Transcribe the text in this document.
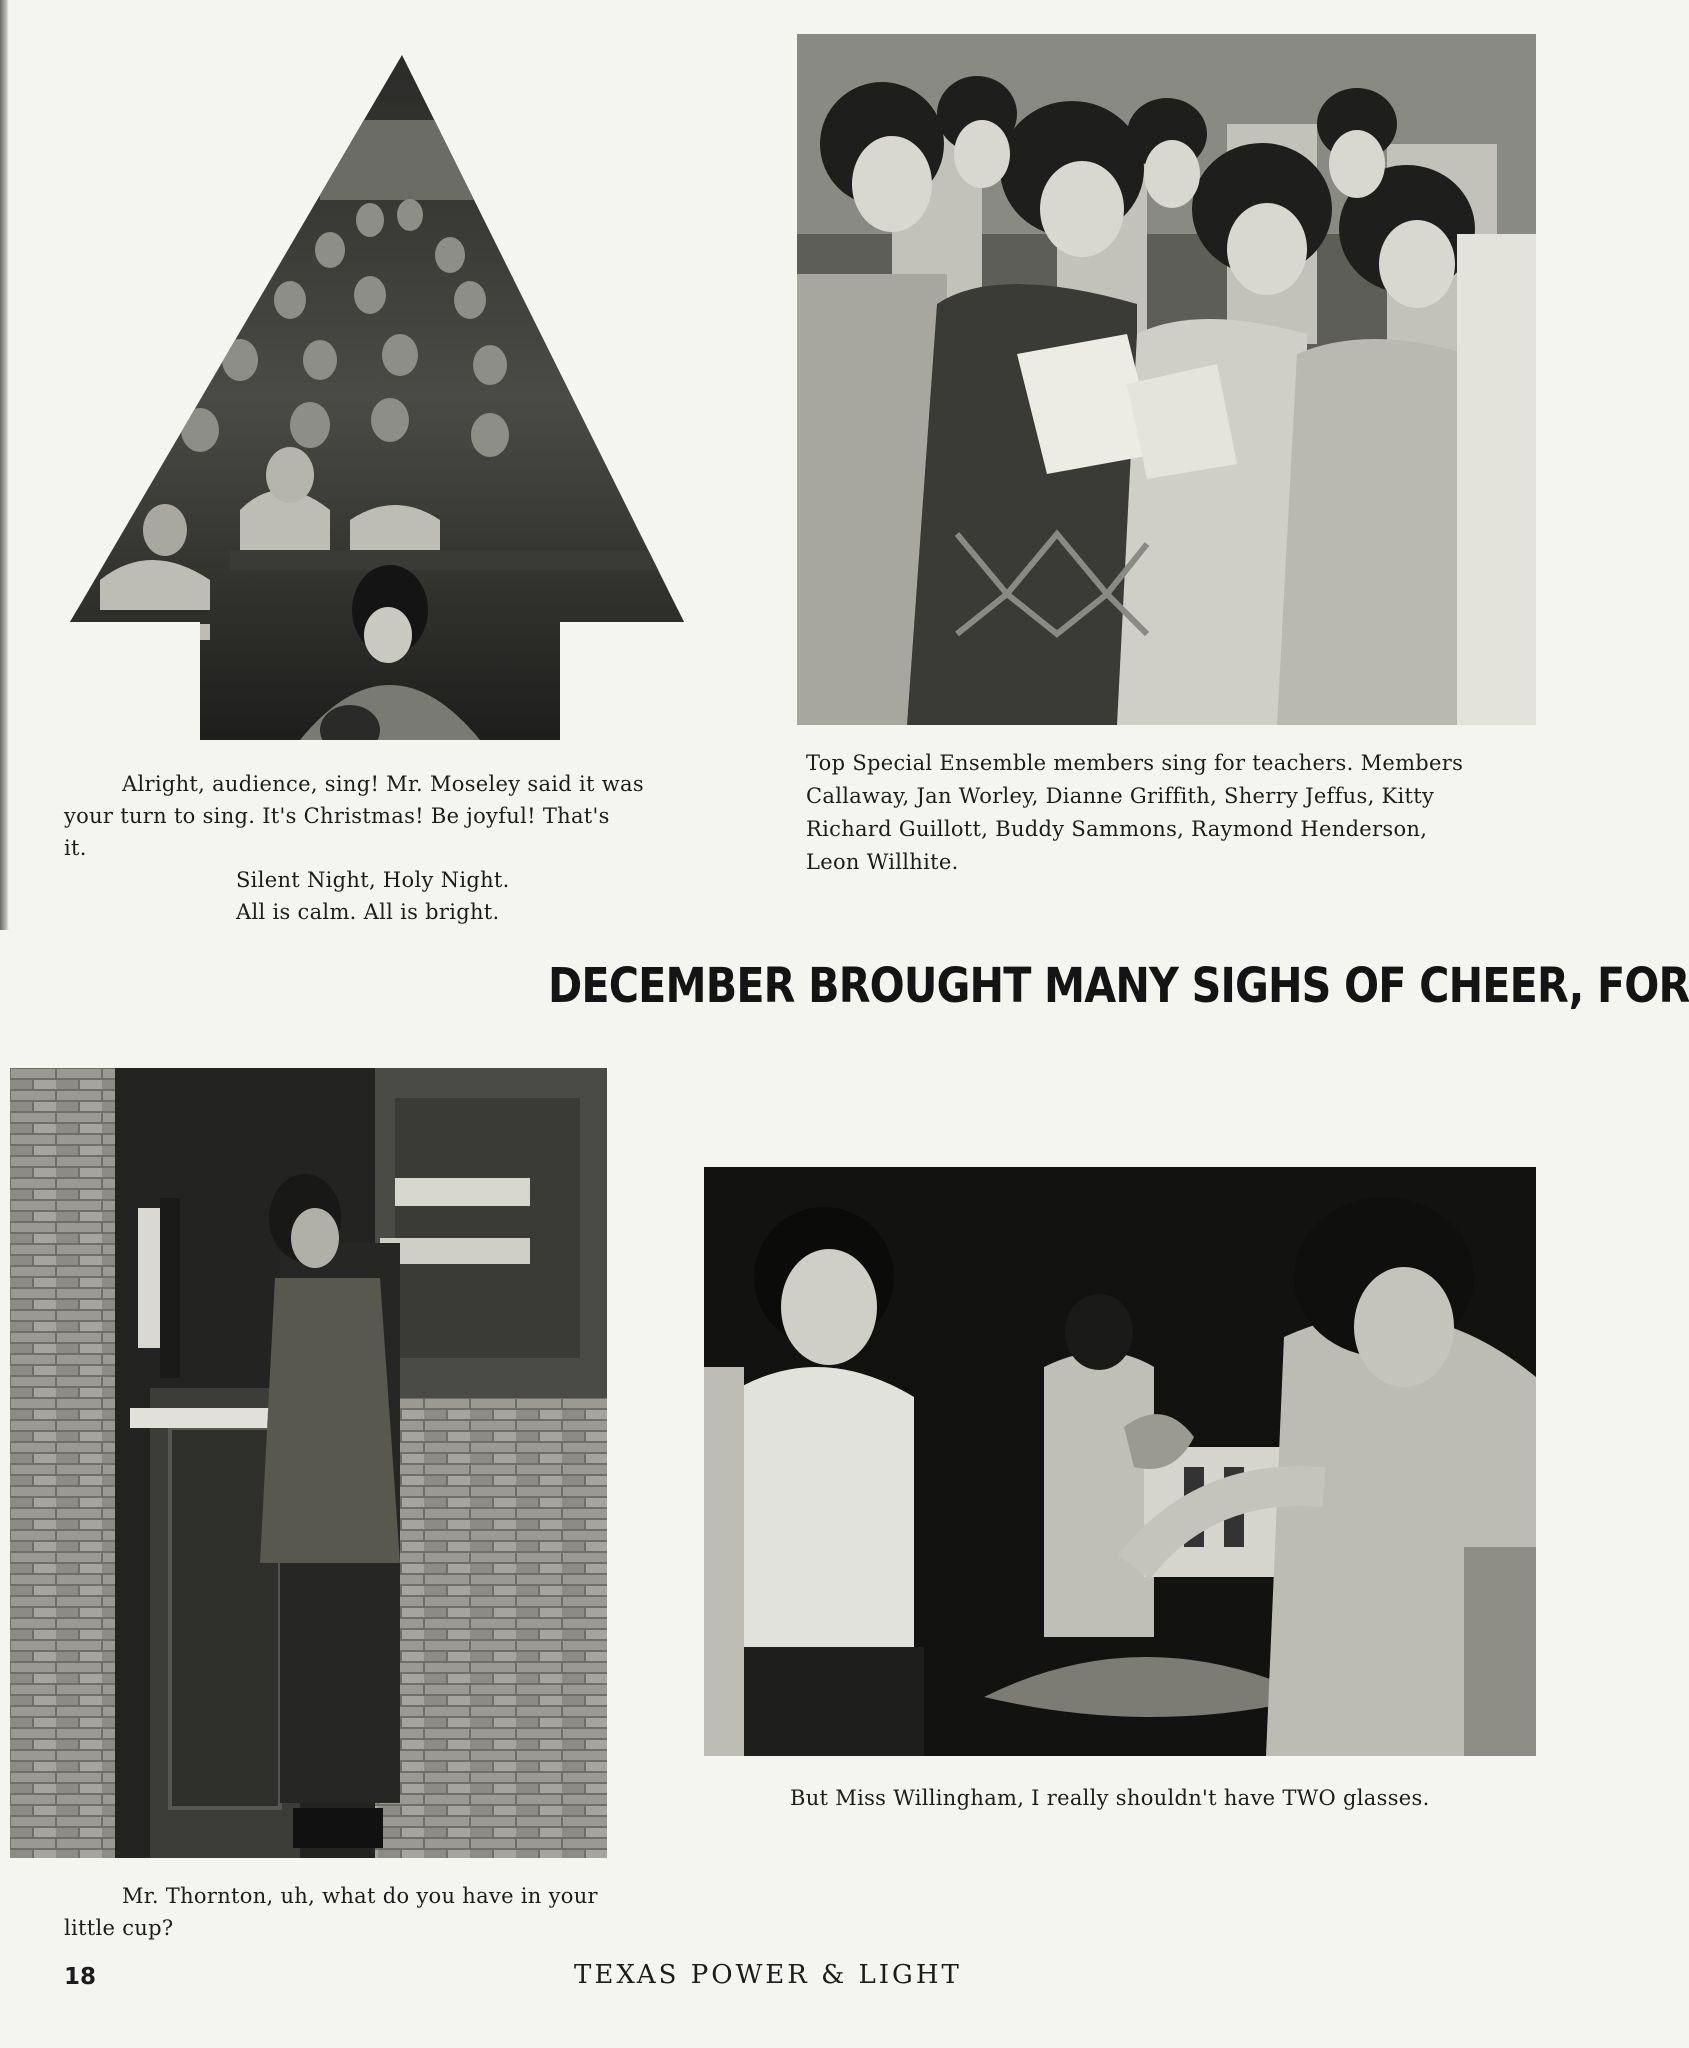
Alright, audience, sing! Mr. Moseley said it was

your turn to sing. It's Christmas! Be joyful! That's

it.

Silent Night, Holy Night.

All is calm. All is bright.

Top Special Ensemble members sing for teachers. Members

Callaway, Jan Worley, Dianne Griffith, Sherry Jeffus, Kitty

Richard Guillott, Buddy Sammons, Raymond Henderson,

Leon Willhite.

DECEMBER BROUGHT MANY SIGHS OF CHEER, FOR

Mr. Thornton, uh, what do you have in your

little cup?

But Miss Willingham, I really shouldn't have TWO glasses.
18	TEXAS POWER & LIGHT
